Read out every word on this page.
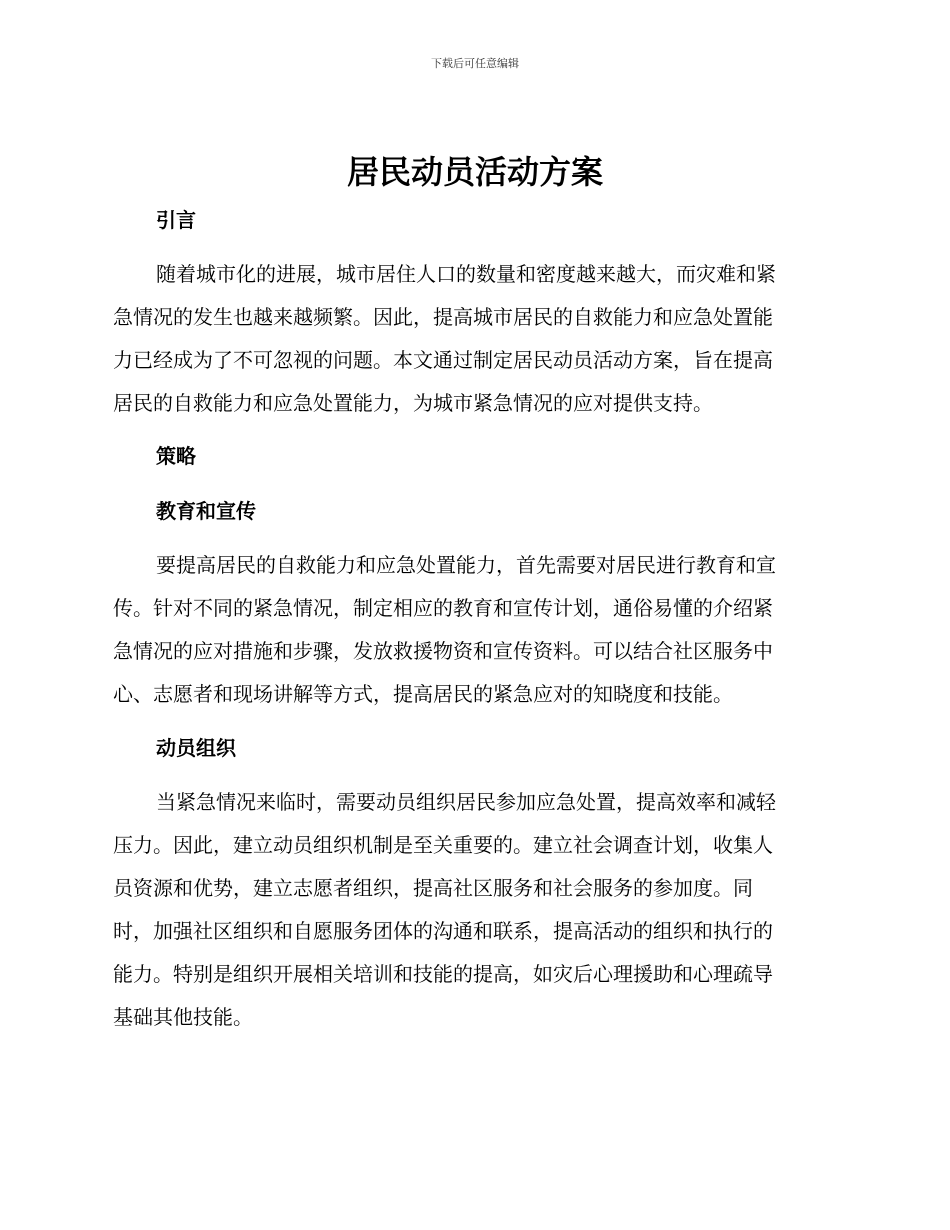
下载后可任意编辑
居民动员活动方案
引言
随着城市化的进展，城市居住人口的数量和密度越来越大，而灾难和紧
急情况的发生也越来越频繁。因此，提高城市居民的自救能力和应急处置能
力已经成为了不可忽视的问题。本文通过制定居民动员活动方案，旨在提高
居民的自救能力和应急处置能力，为城市紧急情况的应对提供支持。
策略
教育和宣传
要提高居民的自救能力和应急处置能力，首先需要对居民进行教育和宣
传。针对不同的紧急情况，制定相应的教育和宣传计划，通俗易懂的介绍紧
急情况的应对措施和步骤，发放救援物资和宣传资料。可以结合社区服务中
心、志愿者和现场讲解等方式，提高居民的紧急应对的知晓度和技能。
动员组织
当紧急情况来临时，需要动员组织居民参加应急处置，提高效率和减轻
压力。因此，建立动员组织机制是至关重要的。建立社会调查计划，收集人
员资源和优势，建立志愿者组织，提高社区服务和社会服务的参加度。同
时，加强社区组织和自愿服务团体的沟通和联系，提高活动的组织和执行的
能力。特别是组织开展相关培训和技能的提高，如灾后心理援助和心理疏导
基础其他技能。
